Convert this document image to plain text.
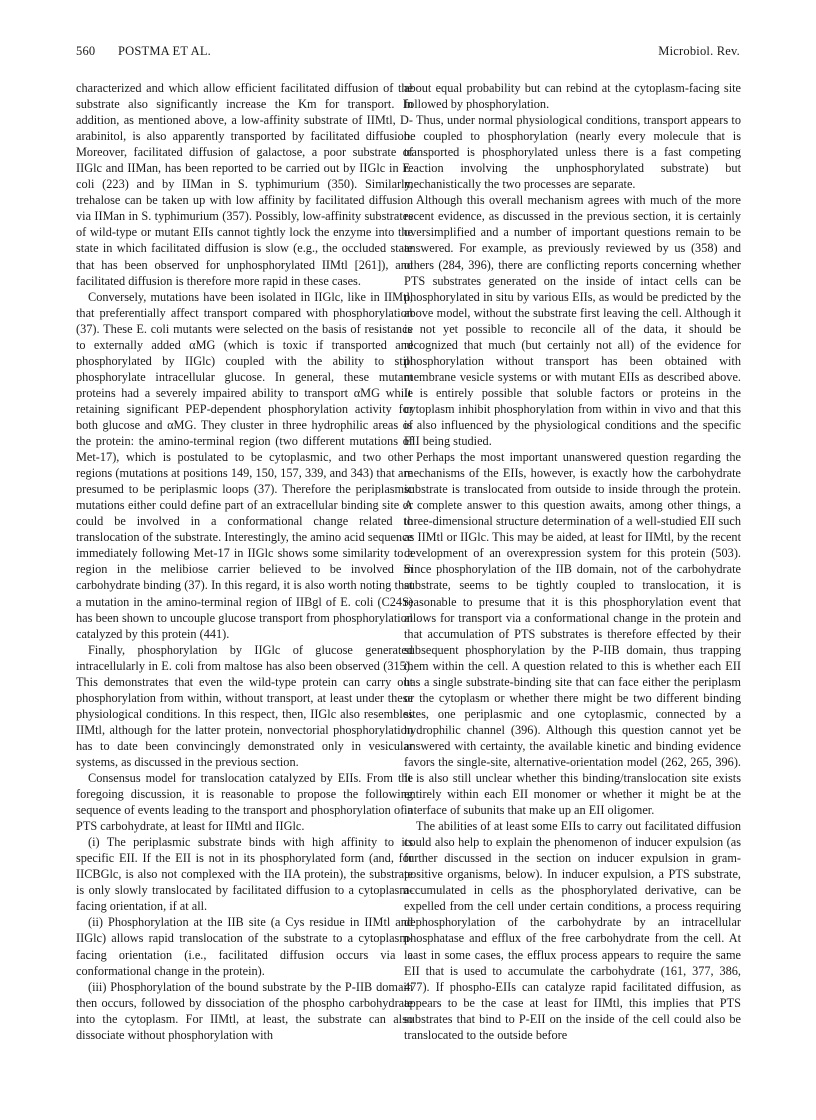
560 POSTMA ET AL.	Microbiol. Rev.

characterized and which allow efficient facilitated diffusion of the substrate also significantly increase the Km for transport. In addition, as mentioned above, a low-affinity substrate of IIMtl, D-arabinitol, is also apparently transported by facilitated diffusion. Moreover, facilitated diffusion of galactose, a poor substrate of IIGlc and IIMan, has been reported to be carried out by IIGlc in E. coli (223) and by IIMan in S. typhimurium (350). Similarly, trehalose can be taken up with low affinity by facilitated diffusion via IIMan in S. typhimurium (357). Possibly, low-affinity substrates of wild-type or mutant EIIs cannot tightly lock the enzyme into the state in which facilitated diffusion is slow (e.g., the occluded state that has been observed for unphosphorylated IIMtl [261]), and facilitated diffusion is therefore more rapid in these cases.

Conversely, mutations have been isolated in IIGlc, like in IIMtl, that preferentially affect transport compared with phosphorylation (37). These E. coli mutants were selected on the basis of resistance to externally added αMG (which is toxic if transported and phosphorylated by IIGlc) coupled with the ability to still phosphorylate intracellular glucose. In general, these mutant proteins had a severely impaired ability to transport αMG while retaining significant PEP-dependent phosphorylation activity for both glucose and αMG. They cluster in three hydrophilic areas of the protein: the amino-terminal region (two different mutations of Met-17), which is postulated to be cytoplasmic, and two other regions (mutations at positions 149, 150, 157, 339, and 343) that are presumed to be periplasmic loops (37). Therefore the periplasmic mutations either could define part of an extracellular binding site or could be involved in a conformational change related to translocation of the substrate. Interestingly, the amino acid sequence immediately following Met-17 in IIGlc shows some similarity to a region in the melibiose carrier believed to be involved in carbohydrate binding (37). In this regard, it is also worth noting that a mutation in the amino-terminal region of IIBgl of E. coli (C24S) has been shown to uncouple glucose transport from phosphorylation catalyzed by this protein (441).

Finally, phosphorylation by IIGlc of glucose generated intracellularly in E. coli from maltose has also been observed (315). This demonstrates that even the wild-type protein can carry out phosphorylation from within, without transport, at least under these physiological conditions. In this respect, then, IIGlc also resembles IIMtl, although for the latter protein, nonvectorial phosphorylation has to date been convincingly demonstrated only in vesicular systems, as discussed in the previous section.

Consensus model for translocation catalyzed by EIIs. From the foregoing discussion, it is reasonable to propose the following sequence of events leading to the transport and phosphorylation of a PTS carbohydrate, at least for IIMtl and IIGlc.

(i) The periplasmic substrate binds with high affinity to its specific EII. If the EII is not in its phosphorylated form (and, for IICBGlc, is also not complexed with the IIA protein), the substrate is only slowly translocated by facilitated diffusion to a cytoplasm-facing orientation, if at all.

(ii) Phosphorylation at the IIB site (a Cys residue in IIMtl and IIGlc) allows rapid translocation of the substrate to a cytoplasm-facing orientation (i.e., facilitated diffusion occurs via a conformational change in the protein).

(iii) Phosphorylation of the bound substrate by the P-IIB domain then occurs, followed by dissociation of the phospho carbohydrate into the cytoplasm. For IIMtl, at least, the substrate can also dissociate without phosphorylation with

about equal probability but can rebind at the cytoplasm-facing site followed by phosphorylation.

Thus, under normal physiological conditions, transport appears to be coupled to phosphorylation (nearly every molecule that is transported is phosphorylated unless there is a fast competing reaction involving the unphosphorylated substrate) but mechanistically the two processes are separate.

Although this overall mechanism agrees with much of the more recent evidence, as discussed in the previous section, it is certainly oversimplified and a number of important questions remain to be answered. For example, as previously reviewed by us (358) and others (284, 396), there are conflicting reports concerning whether PTS substrates generated on the inside of intact cells can be phosphorylated in situ by various EIIs, as would be predicted by the above model, without the substrate first leaving the cell. Although it is not yet possible to reconcile all of the data, it should be recognized that much (but certainly not all) of the evidence for phosphorylation without transport has been obtained with membrane vesicle systems or with mutant EIIs as described above. It is entirely possible that soluble factors or proteins in the cytoplasm inhibit phosphorylation from within in vivo and that this is also influenced by the physiological conditions and the specific EII being studied.

Perhaps the most important unanswered question regarding the mechanisms of the EIIs, however, is exactly how the carbohydrate substrate is translocated from outside to inside through the protein. A complete answer to this question awaits, among other things, a three-dimensional structure determination of a well-studied EII such as IIMtl or IIGlc. This may be aided, at least for IIMtl, by the recent development of an overexpression system for this protein (503). Since phosphorylation of the IIB domain, not of the carbohydrate substrate, seems to be tightly coupled to translocation, it is reasonable to presume that it is this phosphorylation event that allows for transport via a conformational change in the protein and that accumulation of PTS substrates is therefore effected by their subsequent phosphorylation by the P-IIB domain, thus trapping them within the cell. A question related to this is whether each EII has a single substrate-binding site that can face either the periplasm or the cytoplasm or whether there might be two different binding sites, one periplasmic and one cytoplasmic, connected by a hydrophilic channel (396). Although this question cannot yet be answered with certainty, the available kinetic and binding evidence favors the single-site, alternative-orientation model (262, 265, 396). It is also still unclear whether this binding/translocation site exists entirely within each EII monomer or whether it might be at the interface of subunits that make up an EII oligomer.

The abilities of at least some EIIs to carry out facilitated diffusion could also help to explain the phenomenon of inducer expulsion (as further discussed in the section on inducer expulsion in gram-positive organisms, below). In inducer expulsion, a PTS substrate, accumulated in cells as the phosphorylated derivative, can be expelled from the cell under certain conditions, a process requiring dephosphorylation of the carbohydrate by an intracellular phosphatase and efflux of the free carbohydrate from the cell. At least in some cases, the efflux process appears to require the same EII that is used to accumulate the carbohydrate (161, 377, 386, 477). If phospho-EIIs can catalyze rapid facilitated diffusion, as appears to be the case at least for IIMtl, this implies that PTS substrates that bind to P-EII on the inside of the cell could also be translocated to the outside before
